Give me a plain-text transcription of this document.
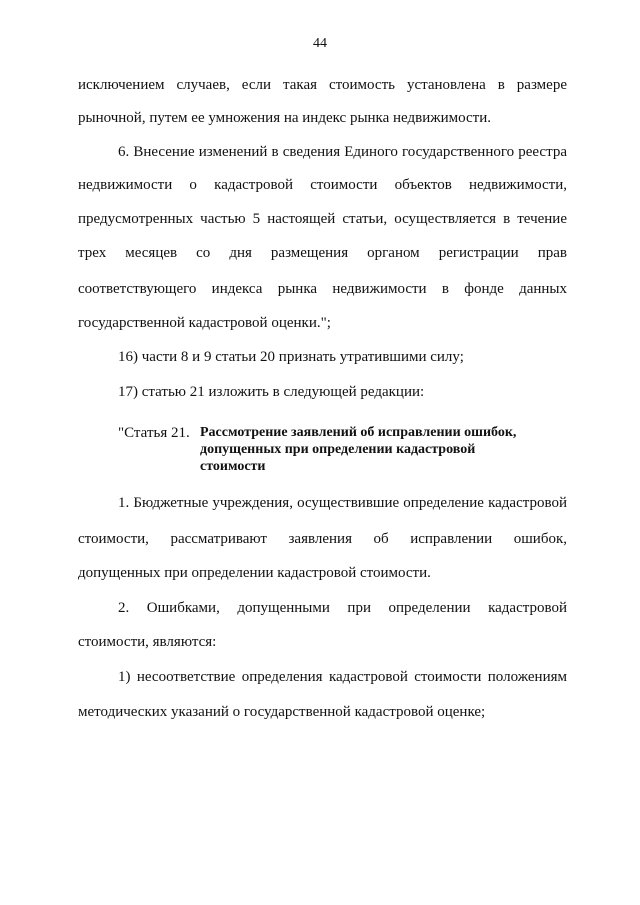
44
исключением случаев, если такая стоимость установлена в размере
рыночной, путем ее умножения на индекс рынка недвижимости.
6. Внесение изменений в сведения Единого государственного реестра
недвижимости о кадастровой стоимости объектов недвижимости,
предусмотренных частью 5 настоящей статьи, осуществляется в течение
трех месяцев со дня размещения органом регистрации прав
соответствующего индекса рынка недвижимости в фонде данных
государственной кадастровой оценки.";
16) части 8 и 9 статьи 20 признать утратившими силу;
17) статью 21 изложить в следующей редакции:
"Статья 21. Рассмотрение заявлений об исправлении ошибок,
допущенных при определении кадастровой
стоимости
1. Бюджетные учреждения, осуществившие определение кадастровой
стоимости, рассматривают заявления об исправлении ошибок,
допущенных при определении кадастровой стоимости.
2. Ошибками, допущенными при определении кадастровой
стоимости, являются:
1) несоответствие определения кадастровой стоимости положениям
методических указаний о государственной кадастровой оценке;
